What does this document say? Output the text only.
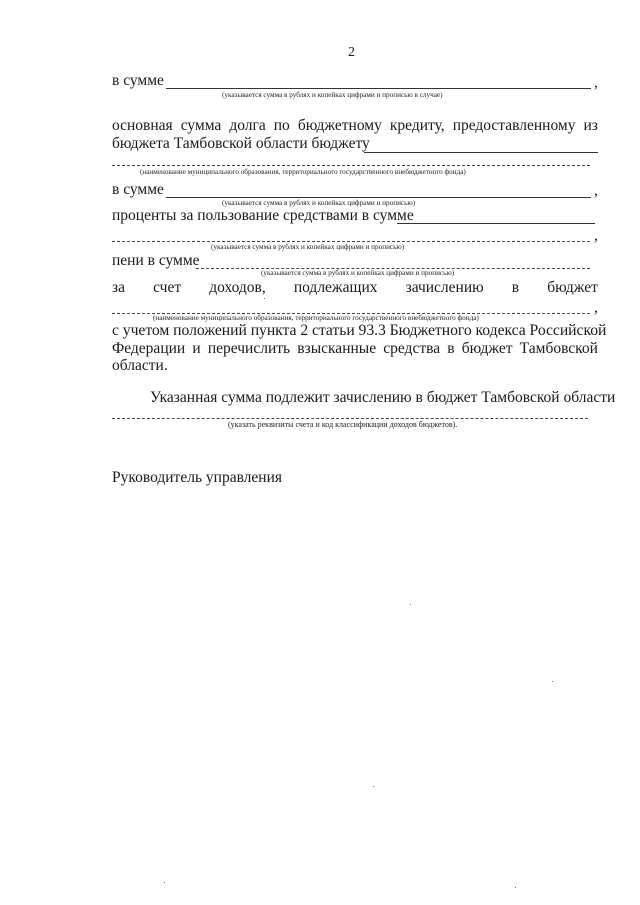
2
в сумме	,
(указывается сумма в рублях и копейках цифрами и прописью в случае)
основная сумма долга по бюджетному кредиту, предоставленному из
бюджета Тамбовской области бюджету
(наименование муниципального образования, территориального государственного внебюджетного фонда)
в сумме	,
(указывается сумма в рублях и копейках цифрами и прописью)
проценты за пользование средствами в сумме
,
(указывается сумма в рублях и копейках цифрами и прописью)
пени в сумме
(указывается сумма в рублях и копейках цифрами и прописью)
за счет доходов, подлежащих зачислению в бюджет
,
(наименование муниципального образования, территориального государственного внебюджетного фонда)
с учетом положений пункта 2 статьи 93.3 Бюджетного кодекса Российской
Федерации и перечислить взысканные средства в бюджет Тамбовской
области.
Указанная сумма подлежит зачислению в бюджет Тамбовской области
(указать реквизиты счета и код классификации доходов бюджетов).
Руководитель управления
